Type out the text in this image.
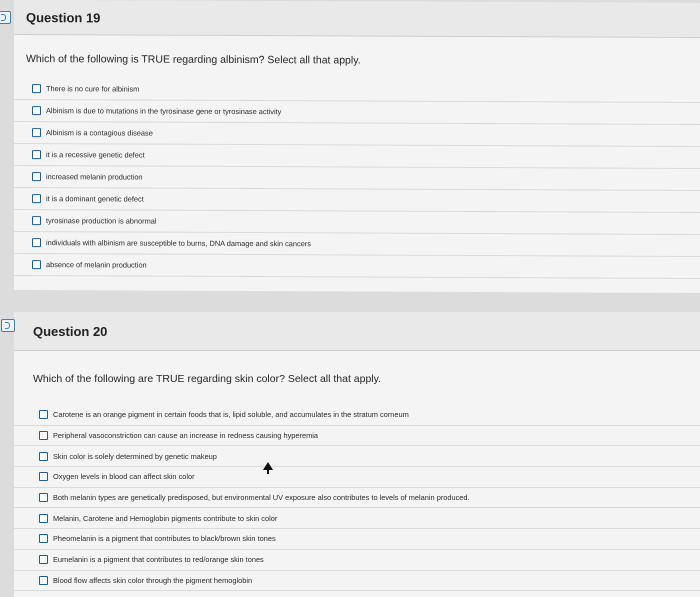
Question 19
Which of the following is TRUE regarding albinism? Select all that apply.
There is no cure for albinism
Albinism is due to mutations in the tyrosinase gene or tyrosinase activity
Albinism is a contagious disease
it is a recessive genetic defect
increased melanin production
it is a dominant genetic defect
tyrosinase production is abnormal
individuals with albinism are susceptible to burns, DNA damage and skin cancers
absence of melanin production
Question 20
Which of the following are TRUE regarding skin color? Select all that apply.
Carotene is an orange pigment in certain foods that is, lipid soluble, and accumulates in the stratum corneum
Peripheral vasoconstriction can cause an increase in redness causing hyperemia
Skin color is solely determined by genetic makeup
Oxygen levels in blood can affect skin color
Both melanin types are genetically predisposed, but environmental UV exposure also contributes to levels of melanin produced.
Melanin, Carotene and Hemoglobin pigments contribute to skin color
Pheomelanin is a pigment that contributes to black/brown skin tones
Eumelanin is a pigment that contributes to red/orange skin tones
Blood flow affects skin color through the pigment hemoglobin
